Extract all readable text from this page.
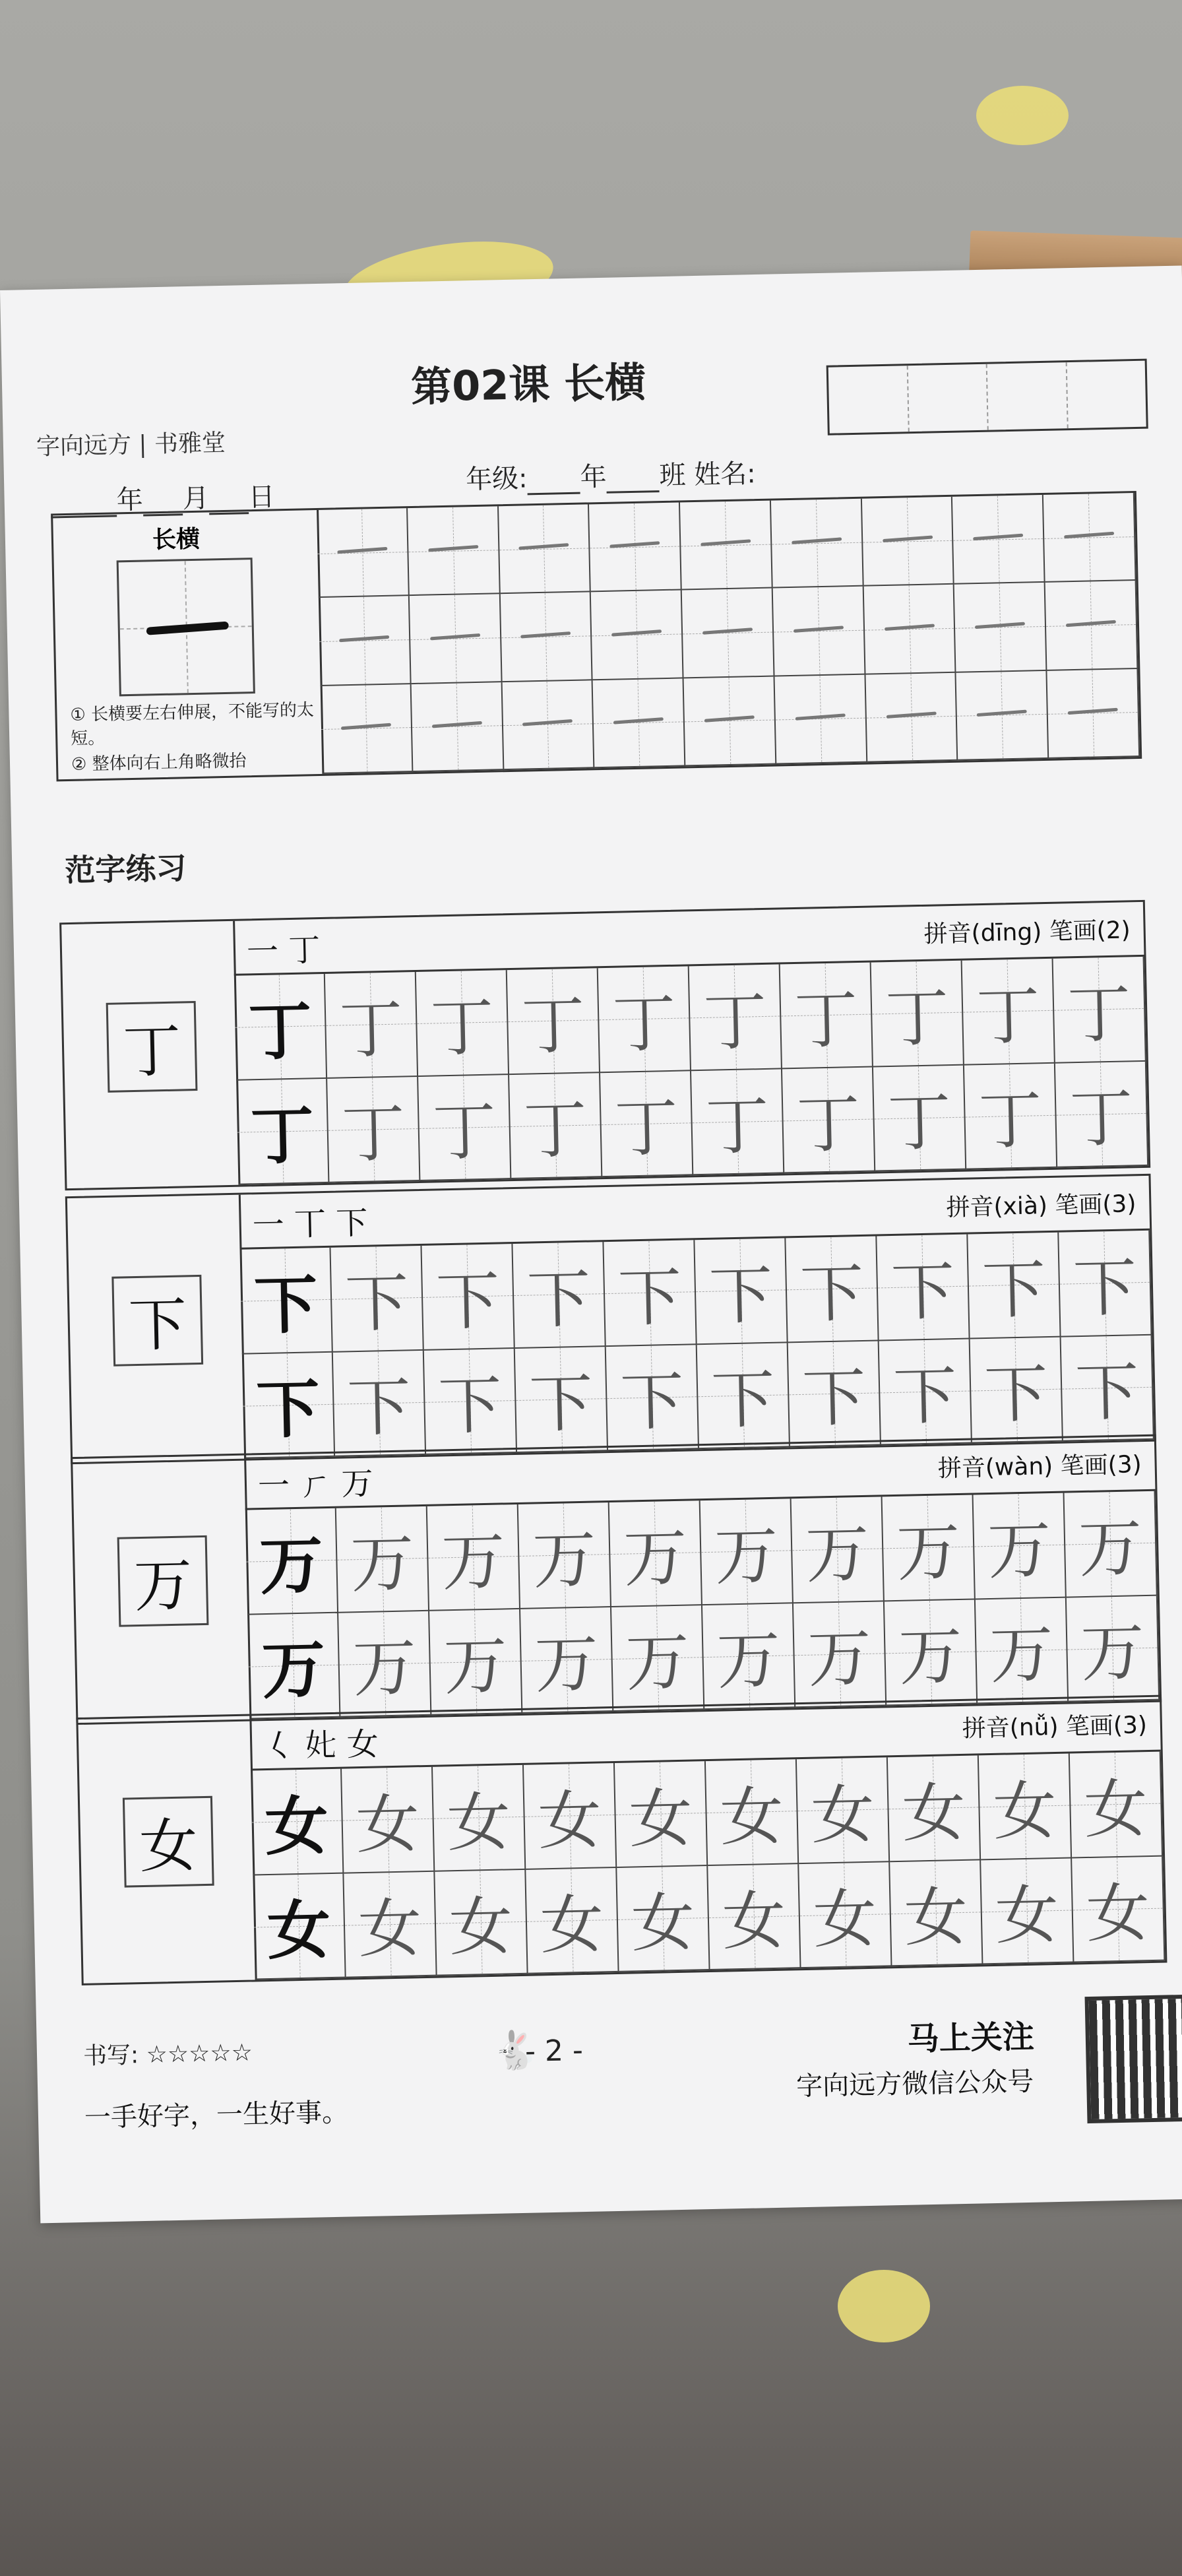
字向远方 | 书雅堂
第02课 长横
年 月 日
年级: 年 班 姓名:
长横
① 长横要左右伸展，不能写的太短。
② 整体向右上角略微抬
范字练习
丁
一 丁	拼音(dīng) 笔画(2)
丁 丁 丁 丁 丁 丁 丁 丁 丁 丁
丁 丁 丁 丁 丁 丁 丁 丁 丁 丁
下
一 丅 下	拼音(xià) 笔画(3)
下 下 下 下 下 下 下 下 下 下
下 下 下 下 下 下 下 下 下 下
万
一 ㄏ 万	拼音(wàn) 笔画(3)
万 万 万 万 万 万 万 万 万 万
万 万 万 万 万 万 万 万 万 万
女
𡿨 𡚨 女	拼音(nǚ) 笔画(3)
女 女 女 女 女 女 女 女 女 女
女 女 女 女 女 女 女 女 女 女
书写: ☆☆☆☆☆
一手好字，一生好事。
🐇
- 2 -	马上关注
字向远方微信公众号
